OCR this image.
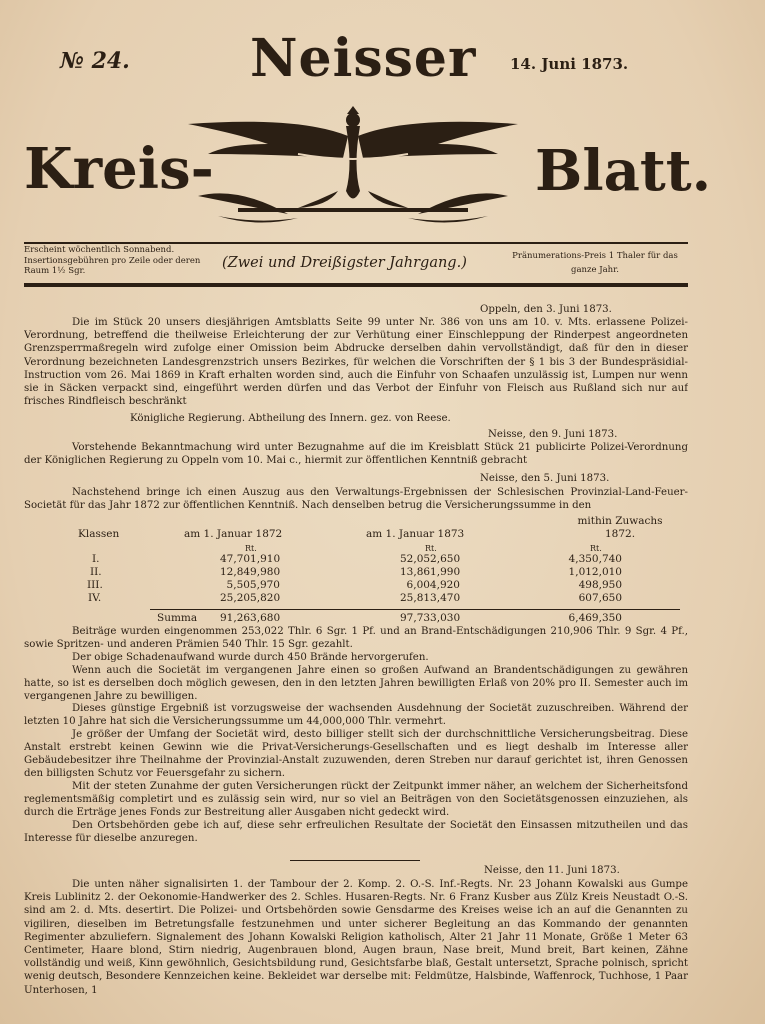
№ 24. Neisser 14. Juni 1873.
Kreis-	Blatt.
Erscheint wöchentlich Sonnabend.
Insertionsgebühren pro Zeile oder deren Raum 1½ Sgr.	(Zwei und Dreißigster Jahrgang.)	Pränumerations-Preis 1 Thaler für das ganze Jahr.
Oppeln, den 3. Juni 1873.

Die im Stück 20 unsers diesjährigen Amtsblatts Seite 99 unter Nr. 386 von uns am 10. v. Mts. erlassene Polizei-Verordnung, betreffend die theilweise Erleichterung der zur Verhütung einer Einschleppung der Rinderpest angeordneten Grenzsperrmaßregeln wird zufolge einer Omission beim Abdrucke derselben dahin vervollständigt, daß für den in dieser Verordnung bezeichneten Landesgrenzstrich unsers Bezirkes, für welchen die Vorschriften der § 1 bis 3 der Bundespräsidial-Instruction vom 26. Mai 1869 in Kraft erhalten worden sind, auch die Einfuhr von Schaafen unzulässig ist, Lumpen nur wenn sie in Säcken verpackt sind, eingeführt werden dürfen und das Verbot der Einfuhr von Fleisch aus Rußland sich nur auf frisches Rindfleisch beschränkt

Königliche Regierung. Abtheilung des Innern. gez. von Reese.
Neisse, den 9. Juni 1873.

Vorstehende Bekanntmachung wird unter Bezugnahme auf die im Kreisblatt Stück 21 publicirte Polizei-Verordnung der Königlichen Regierung zu Oppeln vom 10. Mai c., hiermit zur öffentlichen Kenntniß gebracht

Neisse, den 5. Juni 1873.

Nachstehend bringe ich einen Auszug aus den Verwaltungs-Ergebnissen der Schlesischen Provinzial-Land-Feuer-Societät für das Jahr 1872 zur öffentlichen Kenntniß. Nach denselben betrug die Versicherungssumme in den

Klassen	am 1. Januar 1872	am 1. Januar 1873
mithin Zuwachs 1872.
Rt.	Rt.	Rt.
I.	47,701,910	52,052,650	4,350,740
II.	12,849,980	13,861,990	1,012,010
III.	5,505,970	6,004,920	498,950
IV.	25,205,820	25,813,470	607,650
Summa 91,263,680	97,733,030	6,469,350

Beiträge wurden eingenommen 253,022 Thlr. 6 Sgr. 1 Pf. und an Brand-Entschädigungen 210,906 Thlr. 9 Sgr. 4 Pf., sowie Spritzen- und anderen Prämien 540 Thlr. 15 Sgr. gezahlt.

Der obige Schadenaufwand wurde durch 450 Brände hervorgerufen.

Wenn auch die Societät im vergangenen Jahre einen so großen Aufwand an Brandentschädigungen zu gewähren hatte, so ist es derselben doch möglich gewesen, den in den letzten Jahren bewilligten Erlaß von 20% pro II. Semester auch im vergangenen Jahre zu bewilligen.

Dieses günstige Ergebniß ist vorzugsweise der wachsenden Ausdehnung der Societät zuzuschreiben. Während der letzten 10 Jahre hat sich die Versicherungssumme um 44,000,000 Thlr. vermehrt.

Je größer der Umfang der Societät wird, desto billiger stellt sich der durchschnittliche Versicherungsbeitrag. Diese Anstalt erstrebt keinen Gewinn wie die Privat-Versicherungs-Gesellschaften und es liegt deshalb im Interesse aller Gebäudebesitzer ihre Theilnahme der Provinzial-Anstalt zuzuwenden, deren Streben nur darauf gerichtet ist, ihren Genossen den billigsten Schutz vor Feuersgefahr zu sichern.

Mit der steten Zunahme der guten Versicherungen rückt der Zeitpunkt immer näher, an welchem der Sicherheitsfond reglementsmäßig completirt und es zulässig sein wird, nur so viel an Beiträgen von den Societätsgenossen einzuziehen, als durch die Erträge jenes Fonds zur Bestreitung aller Ausgaben nicht gedeckt wird.

Den Ortsbehörden gebe ich auf, diese sehr erfreulichen Resultate der Societät den Einsassen mitzutheilen und das Interesse für dieselbe anzuregen.

Neisse, den 11. Juni 1873.

Die unten näher signalisirten 1. der Tambour der 2. Komp. 2. O.-S. Inf.-Regts. Nr. 23 Johann Kowalski aus Gumpe Kreis Lublinitz 2. der Oekonomie-Handwerker des 2. Schles. Husaren-Regts. Nr. 6 Franz Kusber aus Zülz Kreis Neustadt O.-S. sind am 2. d. Mts. desertirt. Die Polizei- und Ortsbehörden sowie Gensdarme des Kreises weise ich an auf die Genannten zu vigiliren, dieselben im Betretungsfalle festzunehmen und unter sicherer Begleitung an das Kommando der genannten Regimenter abzuliefern. Signalement des Johann Kowalski Religion katholisch, Alter 21 Jahr 11 Monate, Größe 1 Meter 63 Centimeter, Haare blond, Stirn niedrig, Augenbrauen blond, Augen braun, Nase breit, Mund breit, Bart keinen, Zähne vollständig und weiß, Kinn gewöhnlich, Gesichtsbildung rund, Gesichtsfarbe blaß, Gestalt untersetzt, Sprache polnisch, spricht wenig deutsch, Besondere Kennzeichen keine. Bekleidet war derselbe mit: Feldmütze, Halsbinde, Waffenrock, Tuchhose, 1 Paar Unterhosen, 1
